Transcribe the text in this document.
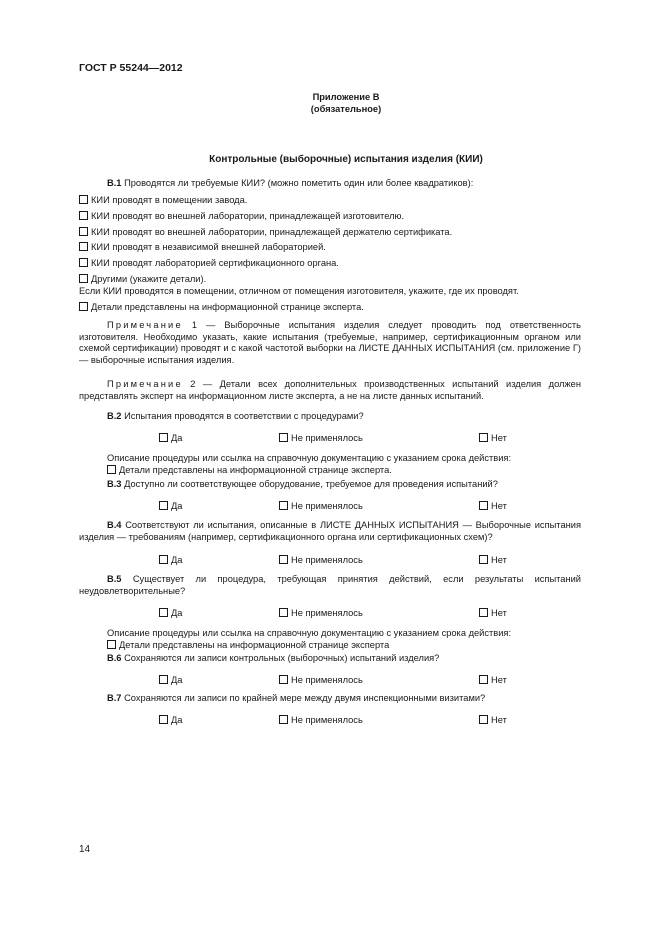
ГОСТ Р 55244—2012
Приложение В
(обязательное)
Контрольные (выборочные) испытания изделия (КИИ)
В.1 Проводятся ли требуемые КИИ? (можно пометить один или более квадратиков):
КИИ проводят в помещении завода.
КИИ проводят во внешней лаборатории, принадлежащей изготовителю.
КИИ проводят во внешней лаборатории, принадлежащей держателю сертификата.
КИИ проводят в независимой внешней лабораторией.
КИИ проводят лабораторией сертификационного органа.
Другими (укажите детали).
Если КИИ проводятся в помещении, отличном от помещения изготовителя, укажите, где их проводят.
Детали представлены на информационной странице эксперта.
Примечание 1 — Выборочные испытания изделия следует проводить под ответственность изготовителя. Необходимо указать, какие испытания (требуемые, например, сертификационным органом или схемой сертификации) проводят и с какой частотой выборки на ЛИСТЕ ДАННЫХ ИСПЫТАНИЯ (см. приложение Г) — выборочные испытания изделия.
Примечание 2 — Детали всех дополнительных производственных испытаний изделия должен представлять эксперт на информационном листе эксперта, а не на листе данных испытаний.
В.2 Испытания проводятся в соответствии с процедурами?
Да	Не применялось	Нет
Описание процедуры или ссылка на справочную документацию с указанием срока действия:
Детали представлены на информационной странице эксперта.
В.3 Доступно ли соответствующее оборудование, требуемое для проведения испытаний?
Да	Не применялось	Нет
В.4 Соответствуют ли испытания, описанные в ЛИСТЕ ДАННЫХ ИСПЫТАНИЯ — Выборочные испытания изделия — требованиям (например, сертификационного органа или сертификационных схем)?
Да	Не применялось	Нет
В.5 Существует ли процедура, требующая принятия действий, если результаты испытаний неудовлетворительные?
Да	Не применялось	Нет
Описание процедуры или ссылка на справочную документацию с указанием срока действия:
Детали представлены на информационной странице эксперта
В.6 Сохраняются ли записи контрольных (выборочных) испытаний изделия?
Да	Не применялось	Нет
В.7 Сохраняются ли записи по крайней мере между двумя инспекционными визитами?
Да	Не применялось	Нет
14
